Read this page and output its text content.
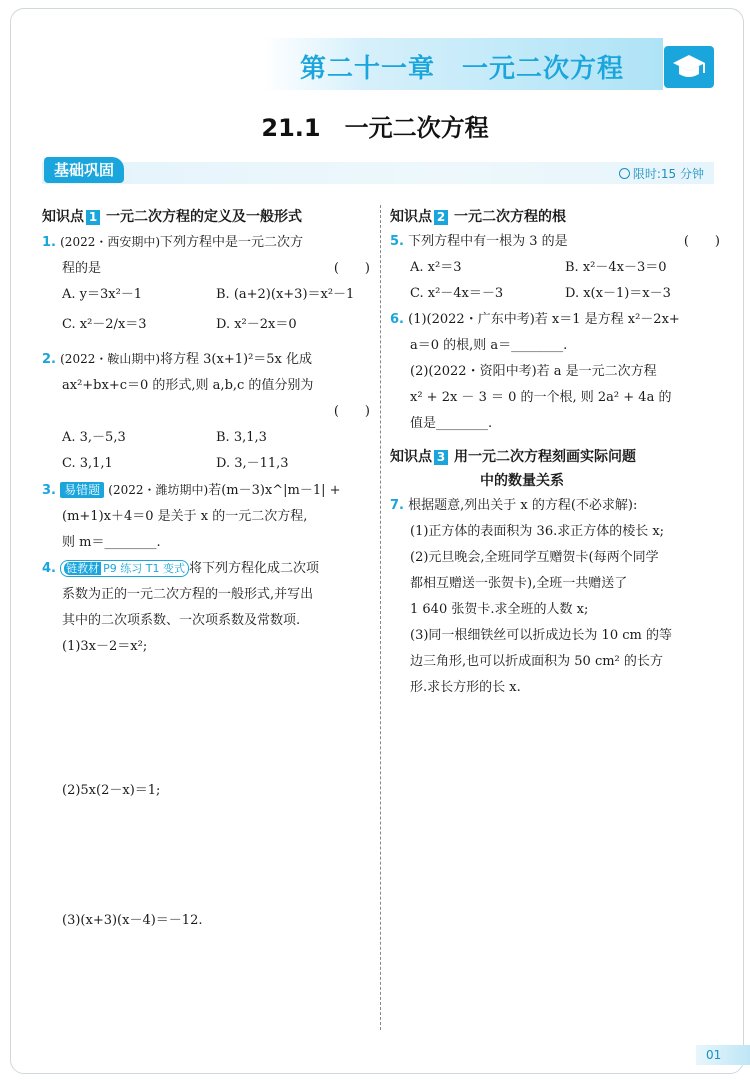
第二十一章　一元二次方程
21.1　一元二次方程
基础巩固	限时:15 分钟
知识点 1 一元二次方程的定义及一般形式
1. (2022・西安期中)下列方程中是一元二次方
程的是	(　　)
A. y＝3x²－1	B. (a+2)(x+3)＝x²－1
C. x²－2/x＝3	D. x²－2x＝0
2. (2022・鞍山期中)将方程 3(x+1)²＝5x 化成
ax²+bx+c＝0 的形式,则 a,b,c 的值分别为
(　　)
A. 3,－5,3	B. 3,1,3
C. 3,1,1	D. 3,－11,3
3. 易错题 (2022・潍坊期中)若(m－3)x^|m－1| +
(m+1)x＋4＝0 是关于 x 的一元二次方程,
则 m＝________.
4. 链教材 P9 练习 T1 变式 将下列方程化成二次项
系数为正的一元二次方程的一般形式,并写出
其中的二次项系数、一次项系数及常数项.
(1)3x－2＝x²;
(2)5x(2－x)＝1;
(3)(x+3)(x－4)＝－12.
知识点 2 一元二次方程的根
5. 下列方程中有一根为 3 的是	(　　)
A. x²＝3	B. x²－4x－3＝0
C. x²－4x＝－3	D. x(x－1)＝x－3
6. (1)(2022・广东中考)若 x＝1 是方程 x²－2x+
a＝0 的根,则 a＝________.
(2)(2022・资阳中考)若 a 是一元二次方程
x² + 2x － 3 ＝ 0 的一个根, 则 2a² + 4a 的
值是________.
知识点 3 用一元二次方程刻画实际问题
中的数量关系
7. 根据题意,列出关于 x 的方程(不必求解):
(1)正方体的表面积为 36.求正方体的棱长 x;
(2)元旦晚会,全班同学互赠贺卡(每两个同学
都相互赠送一张贺卡),全班一共赠送了
1 640 张贺卡.求全班的人数 x;
(3)同一根细铁丝可以折成边长为 10 cm 的等
边三角形,也可以折成面积为 50 cm² 的长方
形.求长方形的长 x.
01
